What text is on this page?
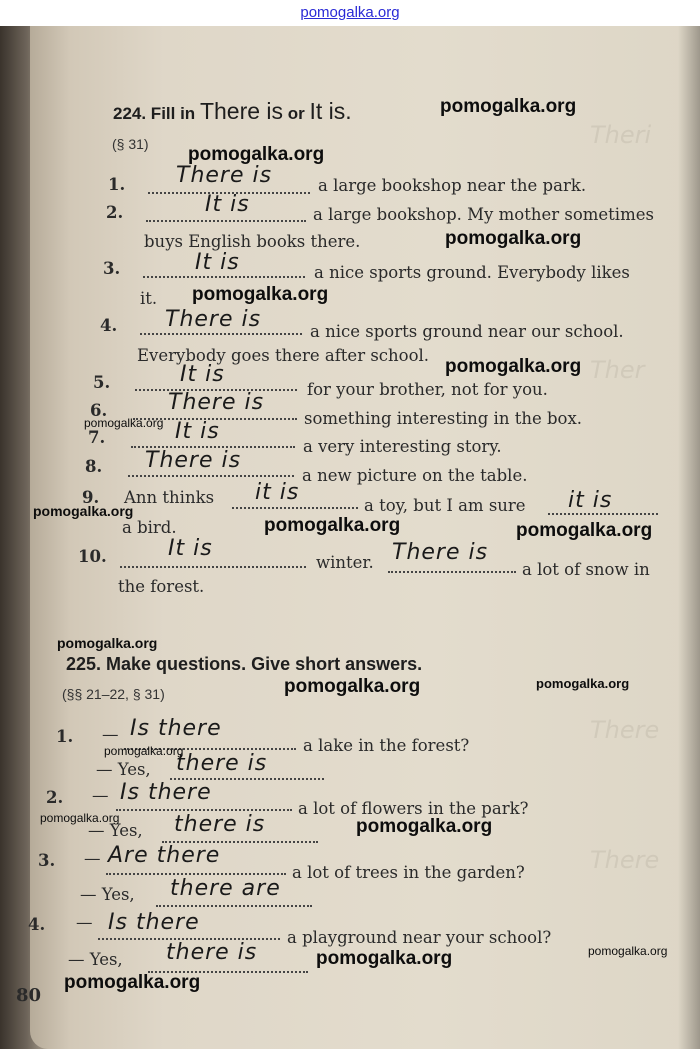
pomogalka.org
Theri
Ther
There
There
224. Fill in There is or It is.
(§ 31)
1. There is	a large bookshop near the park.
2.	It is	a large bookshop. My mother sometimes
buys English books there.
3.	It is	a nice sports ground. Everybody likes
it.
4. There is	a nice sports ground near our school.
Everybody goes there after school.
5.	It is
for your brother, not for you.
6.	There is
something interesting in the box.
7.	It is
a very interesting story.
8. There is
a new picture on the table.
9. Ann thinks it is
a toy, but I am sure it is
a bird.
10.	It is
winter. There is
a lot of snow in
the forest.
225. Make questions. Give short answers.
(§§ 21–22, § 31)
1. — Is there
a lake in the forest?
— Yes, there is
2. — Is there
a lot of flowers in the park?
— Yes, there is
3. — Are there
a lot of trees in the garden?
— Yes, there are
4. — Is there
a playground near your school?
— Yes, there is
80
pomogalka.org
pomogalka.org
pomogalka.org
pomogalka.org
pomogalka.org
pomogalka.org
pomogalka.org
pomogalka.org	pomogalka.org
pomogalka.org
pomogalka.org	pomogalka.org
pomogalka.org
pomogalka.org	pomogalka.org
pomogalka.org
pomogalka.org
pomogalka.org
